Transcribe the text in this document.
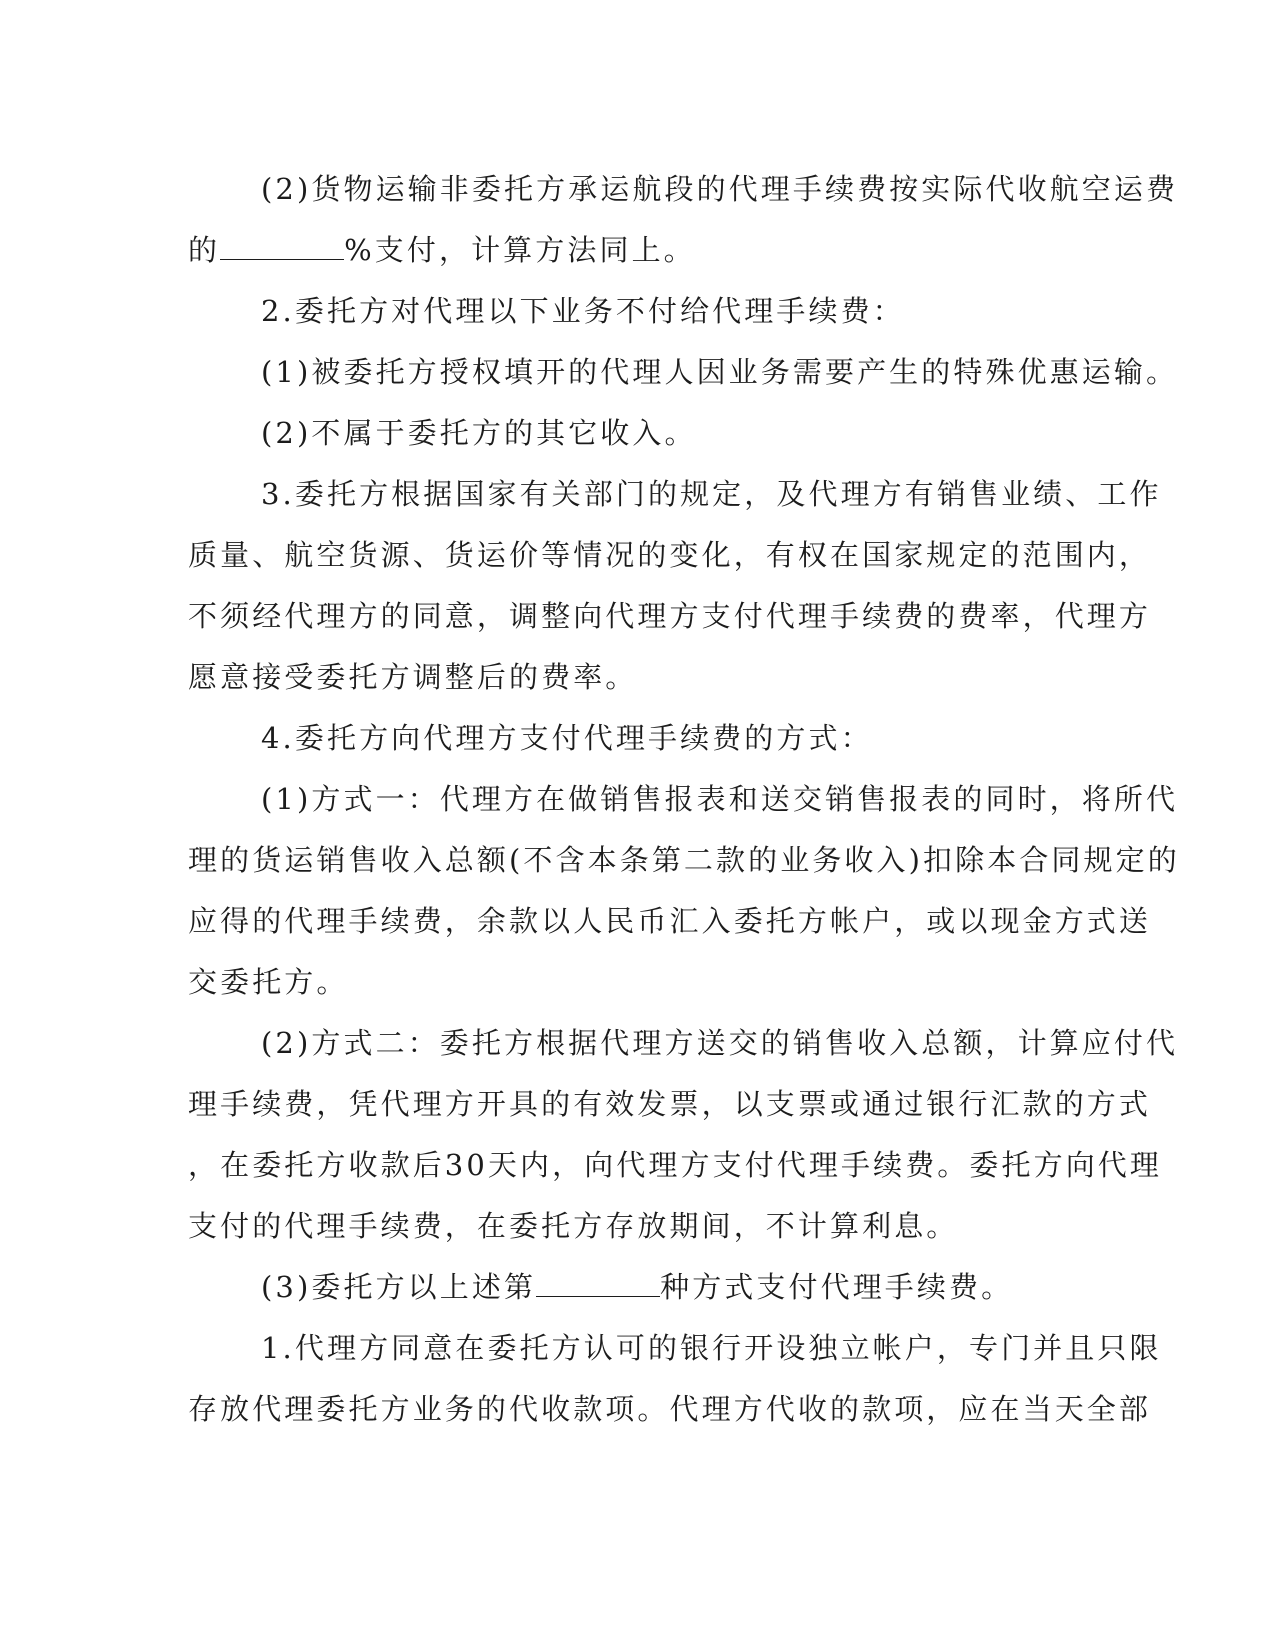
(2)货物运输非委托方承运航段的代理手续费按实际代收航空运费
的	%支付，计算方法同上。
2.委托方对代理以下业务不付给代理手续费：
(1)被委托方授权填开的代理人因业务需要产生的特殊优惠运输。
(2)不属于委托方的其它收入。
3.委托方根据国家有关部门的规定，及代理方有销售业绩、工作
质量、航空货源、货运价等情况的变化，有权在国家规定的范围内，
不须经代理方的同意，调整向代理方支付代理手续费的费率，代理方
愿意接受委托方调整后的费率。
4.委托方向代理方支付代理手续费的方式：
(1)方式一：代理方在做销售报表和送交销售报表的同时，将所代
理的货运销售收入总额(不含本条第二款的业务收入)扣除本合同规定的
应得的代理手续费，余款以人民币汇入委托方帐户，或以现金方式送
交委托方。
(2)方式二：委托方根据代理方送交的销售收入总额，计算应付代
理手续费，凭代理方开具的有效发票，以支票或通过银行汇款的方式
，在委托方收款后30天内，向代理方支付代理手续费。委托方向代理
支付的代理手续费，在委托方存放期间，不计算利息。
(3)委托方以上述第	种方式支付代理手续费。
1.代理方同意在委托方认可的银行开设独立帐户，专门并且只限
存放代理委托方业务的代收款项。代理方代收的款项，应在当天全部
